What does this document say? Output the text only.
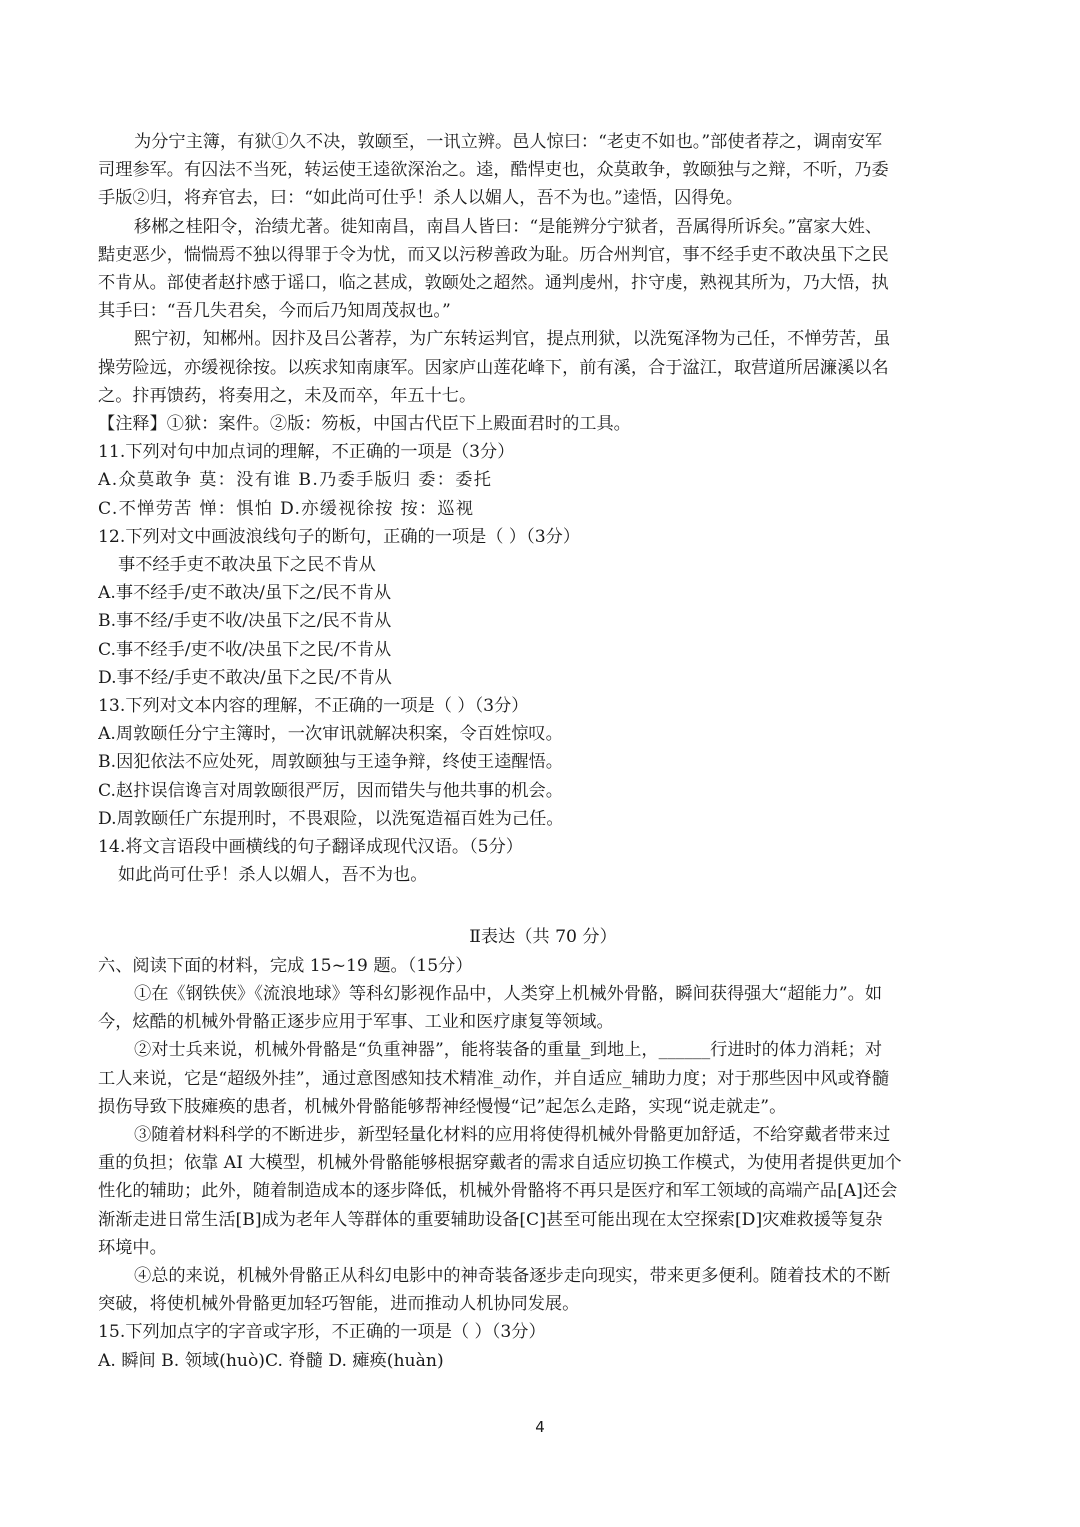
为分宁主簿，有狱①久不决，敦颐至，一讯立辨。邑人惊曰：“老吏不如也。”部使者荐之，调南安军
司理参军。有囚法不当死，转运使王逵欲深治之。逵，酷悍吏也，众莫敢争，敦颐独与之辩，不听，乃委
手版②归，将弃官去，曰：“如此尚可仕乎！杀人以媚人，吾不为也。”逵悟，囚得免。
移郴之桂阳令，治绩尤著。徙知南昌，南昌人皆曰：“是能辨分宁狱者，吾属得所诉矣。”富家大姓、
黠吏恶少，惴惴焉不独以得罪于令为忧，而又以污秽善政为耻。历合州判官，事不经手吏不敢决虽下之民
不肯从。部使者赵抃感于谣口，临之甚成，敦颐处之超然。通判虔州，抃守虔，熟视其所为，乃大悟，执
其手曰：“吾几失君矣，今而后乃知周茂叔也。”
熙宁初，知郴州。因抃及吕公著荐，为广东转运判官，提点刑狱，以洗冤泽物为己任，不惮劳苦，虽
操劳险远，亦缓视徐按。以疾求知南康军。因家庐山莲花峰下，前有溪，合于湓江，取营道所居濂溪以名
之。抃再馈药，将奏用之，未及而卒，年五十七。
【注释】①狱：案件。②版：笏板，中国古代臣下上殿面君时的工具。
11.下列对句中加点词的理解，不正确的一项是（3分）
A.众莫敢争 莫：没有谁 B.乃委手版归 委：委托
C.不惮劳苦 惮：惧怕 D.亦缓视徐按 按：巡视
12.下列对文中画波浪线句子的断句，正确的一项是（ ）（3分）
事不经手吏不敢决虽下之民不肯从
A.事不经手/吏不敢决/虽下之/民不肯从
B.事不经/手吏不收/决虽下之/民不肯从
C.事不经手/吏不收/决虽下之民/不肯从
D.事不经/手吏不敢决/虽下之民/不肯从
13.下列对文本内容的理解，不正确的一项是（ ）（3分）
A.周敦颐任分宁主簿时，一次审讯就解决积案，令百姓惊叹。
B.因犯依法不应处死，周敦颐独与王逵争辩，终使王逵醒悟。
C.赵抃误信谗言对周敦颐很严厉，因而错失与他共事的机会。
D.周敦颐任广东提刑时，不畏艰险，以洗冤造福百姓为己任。
14.将文言语段中画横线的句子翻译成现代汉语。（5分）
如此尚可仕乎！杀人以媚人，吾不为也。
Ⅱ表达（共 70 分）
六、阅读下面的材料，完成 15~19 题。（15分）
①在《钢铁侠》《流浪地球》等科幻影视作品中，人类穿上机械外骨骼，瞬间获得强大“超能力”。如
今，炫酷的机械外骨骼正逐步应用于军事、工业和医疗康复等领域。
②对士兵来说，机械外骨骼是“负重神器”，能将装备的重量_到地上，______行进时的体力消耗；对
工人来说，它是“超级外挂”，通过意图感知技术精准_动作，并自适应_辅助力度；对于那些因中风或脊髓
损伤导致下肢瘫痪的患者，机械外骨骼能够帮神经慢慢“记”起怎么走路，实现“说走就走”。
③随着材料科学的不断进步，新型轻量化材料的应用将使得机械外骨骼更加舒适，不给穿戴者带来过
重的负担；依靠 AI 大模型，机械外骨骼能够根据穿戴者的需求自适应切换工作模式，为使用者提供更加个
性化的辅助；此外，随着制造成本的逐步降低，机械外骨骼将不再只是医疗和军工领域的高端产品[A]还会
渐渐走进日常生活[B]成为老年人等群体的重要辅助设备[C]甚至可能出现在太空探索[D]灾难救援等复杂
环境中。
④总的来说，机械外骨骼正从科幻电影中的神奇装备逐步走向现实，带来更多便利。随着技术的不断
突破，将使机械外骨骼更加轻巧智能，进而推动人机协同发展。
15.下列加点字的字音或字形，不正确的一项是（ ）（3分）
A. 瞬间 B. 领域(huò)C. 脊髓 D. 瘫痪(huàn)
4
